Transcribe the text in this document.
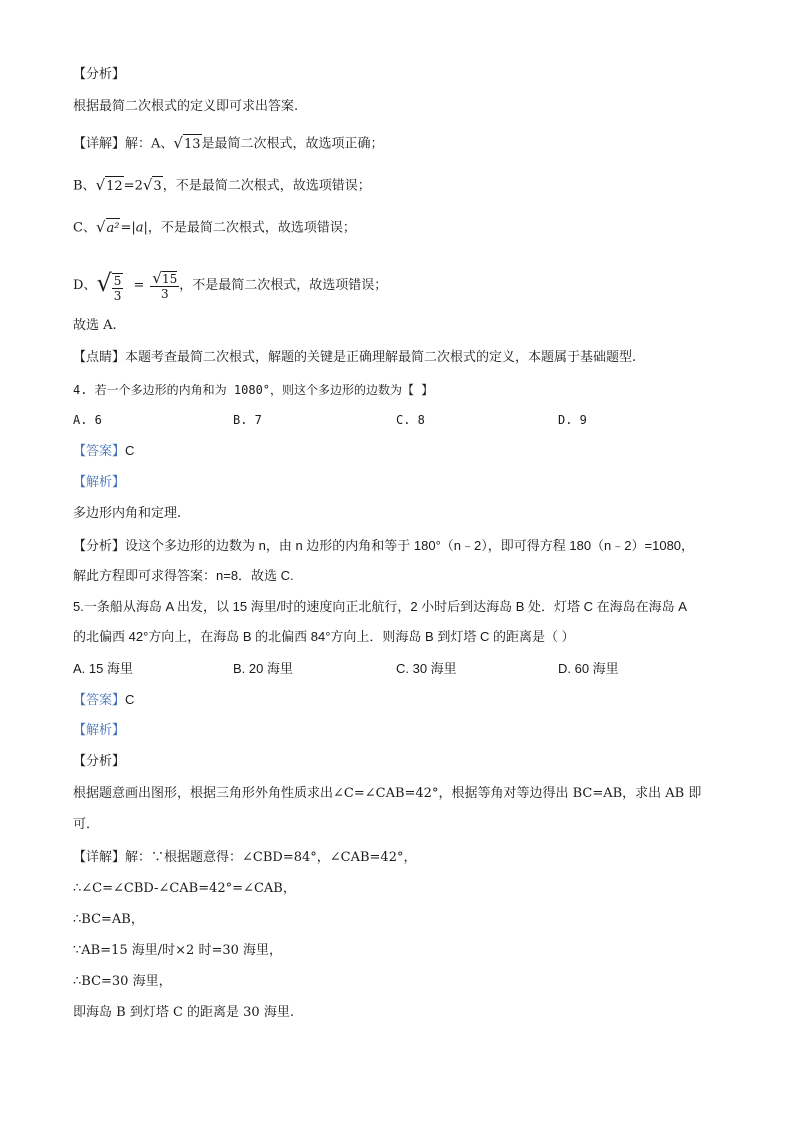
【分析】
根据最简二次根式的定义即可求出答案.
【详解】解：A、√13是最简二次根式，故选项正确；
B、√12=2√3，不是最简二次根式，故选项错误；
C、√a²=|a|，不是最简二次根式，故选项错误；
D、√ $\frac{5}{3} = \frac{√15}{3}$ ，不是最简二次根式，故选项错误；
故选 A.
【点睛】本题考查最简二次根式，解题的关键是正确理解最简二次根式的定义，本题属于基础题型.
4. 若一个多边形的内角和为 1080°，则这个多边形的边数为【 】
A. 6	B. 7	C. 8	D. 9
【答案】C
【解析】
多边形内角和定理.
【分析】设这个多边形的边数为 n，由 n 边形的内角和等于 180°（n﹣2），即可得方程 180（n﹣2）=1080，
解此方程即可求得答案：n=8．故选 C.
5.一条船从海岛 A 出发，以 15 海里/时的速度向正北航行，2 小时后到达海岛 B 处．灯塔 C 在海岛在海岛 A
的北偏西 42°方向上，在海岛 B 的北偏西 84°方向上．则海岛 B 到灯塔 C 的距离是（ ）
A. 15 海里	B. 20 海里	C. 30 海里	D. 60 海里
【答案】C
【解析】
【分析】
根据题意画出图形，根据三角形外角性质求出∠C=∠CAB=42°，根据等角对等边得出 BC=AB，求出 AB 即
可．
【详解】解：∵根据题意得：∠CBD=84°，∠CAB=42°，
∴∠C=∠CBD-∠CAB=42°=∠CAB，
∴BC=AB，
∵AB=15 海里/时×2 时=30 海里，
∴BC=30 海里，
即海岛 B 到灯塔 C 的距离是 30 海里.
